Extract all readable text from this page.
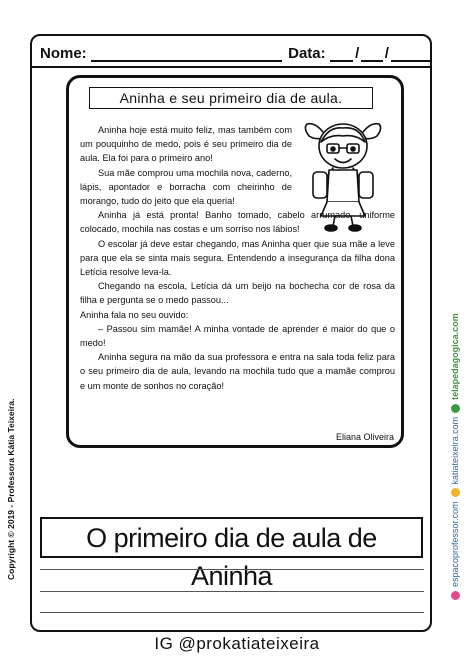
Nome:	Data: / /
Aninha e seu primeiro dia de aula.

Aninha hoje está muito feliz, mas também com um pouquinho de medo, pois é seu primeiro dia de aula. Ela foi para o primeiro ano!

Sua mãe comprou uma mochila nova, caderno, lápis, apontador e borracha com cheirinho de morango, tudo do jeito que ela queria!

Aninha já está pronta! Banho tomado, cabelo arrumado, uniforme colocado, mochila nas costas e um sorriso nos lábios!

O escolar já deve estar chegando, mas Aninha quer que sua mãe a leve para que ela se sinta mais segura. Entendendo a insegurança da filha dona Letícia resolve leva-la.

Chegando na escola, Letícia dá um beijo na bochecha cor de rosa da filha e pergunta se o medo passou...

Aninha fala no seu ouvido:

– Passou sim mamãe! A minha vontade de aprender é maior do que o medo!

Aninha segura na mão da sua professora e entra na sala toda feliz para o seu primeiro dia de aula, levando na mochila tudo que a mamãe comprou e um monte de sonhos no coração!

Eliana Oliveira
O primeiro dia de aula de Aninha
Copyright © 2019 - Professora Kátia Teixeira.	espacoprofessor.com
katiateixeira.com
telapedagogica.com
IG @prokatiateixeira
